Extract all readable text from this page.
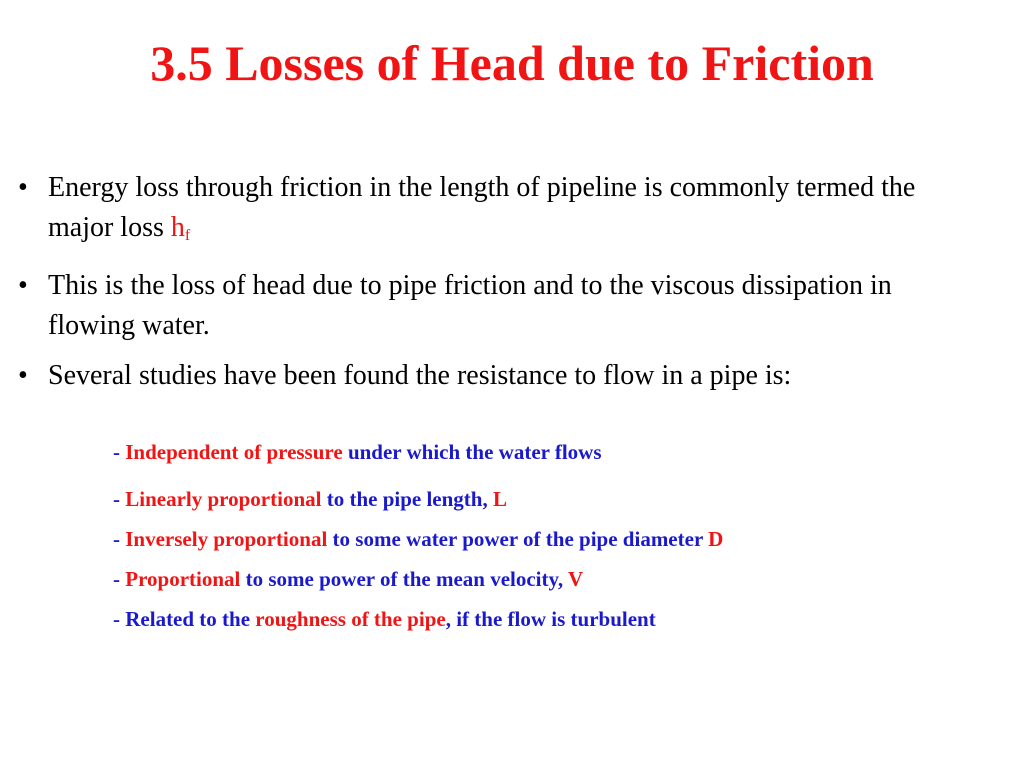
3.5 Losses of Head due to Friction
• Energy loss through friction in the length of pipeline is commonly termed the major loss $h_f$
• This is the loss of head due to pipe friction and to the viscous dissipation in flowing water.
• Several studies have been found the resistance to flow in a pipe is:
- Independent of pressure under which the water flows
- Linearly proportional to the pipe length, L
- Inversely proportional to some water power of the pipe diameter D
- Proportional to some power of the mean velocity, V
- Related to the roughness of the pipe, if the flow is turbulent
